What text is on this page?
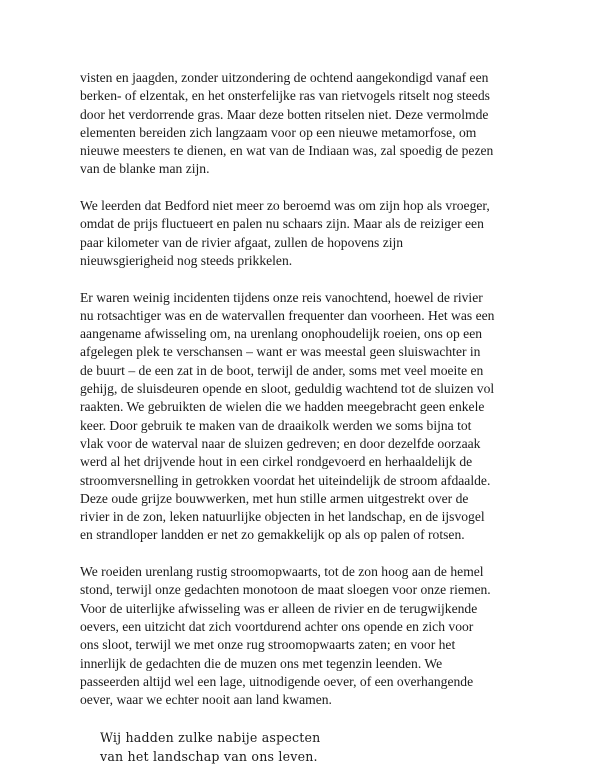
visten en jaagden, zonder uitzondering de ochtend aangekondigd vanaf een
berken- of elzentak, en het onsterfelijke ras van rietvogels ritselt nog steeds
door het verdorrende gras. Maar deze botten ritselen niet. Deze vermolmde
elementen bereiden zich langzaam voor op een nieuwe metamorfose, om
nieuwe meesters te dienen, en wat van de Indiaan was, zal spoedig de pezen
van de blanke man zijn.

We leerden dat Bedford niet meer zo beroemd was om zijn hop als vroeger,
omdat de prijs fluctueert en palen nu schaars zijn. Maar als de reiziger een
paar kilometer van de rivier afgaat, zullen de hopovens zijn
nieuwsgierigheid nog steeds prikkelen.

Er waren weinig incidenten tijdens onze reis vanochtend, hoewel de rivier
nu rotsachtiger was en de watervallen frequenter dan voorheen. Het was een
aangename afwisseling om, na urenlang onophoudelijk roeien, ons op een
afgelegen plek te verschansen – want er was meestal geen sluiswachter in
de buurt – de een zat in de boot, terwijl de ander, soms met veel moeite en
gehijg, de sluisdeuren opende en sloot, geduldig wachtend tot de sluizen vol
raakten. We gebruikten de wielen die we hadden meegebracht geen enkele
keer. Door gebruik te maken van de draaikolk werden we soms bijna tot
vlak voor de waterval naar de sluizen gedreven; en door dezelfde oorzaak
werd al het drijvende hout in een cirkel rondgevoerd en herhaaldelijk de
stroomversnelling in getrokken voordat het uiteindelijk de stroom afdaalde.
Deze oude grijze bouwwerken, met hun stille armen uitgestrekt over de
rivier in de zon, leken natuurlijke objecten in het landschap, en de ijsvogel
en strandloper landden er net zo gemakkelijk op als op palen of rotsen.

We roeiden urenlang rustig stroomopwaarts, tot de zon hoog aan de hemel
stond, terwijl onze gedachten monotoon de maat sloegen voor onze riemen.
Voor de uiterlijke afwisseling was er alleen de rivier en de terugwijkende
oevers, een uitzicht dat zich voortdurend achter ons opende en zich voor
ons sloot, terwijl we met onze rug stroomopwaarts zaten; en voor het
innerlijk de gedachten die de muzen ons met tegenzin leenden. We
passeerden altijd wel een lage, uitnodigende oever, of een overhangende
oever, waar we echter nooit aan land kwamen.

Wij hadden zulke nabije aspecten
van het landschap van ons leven.
